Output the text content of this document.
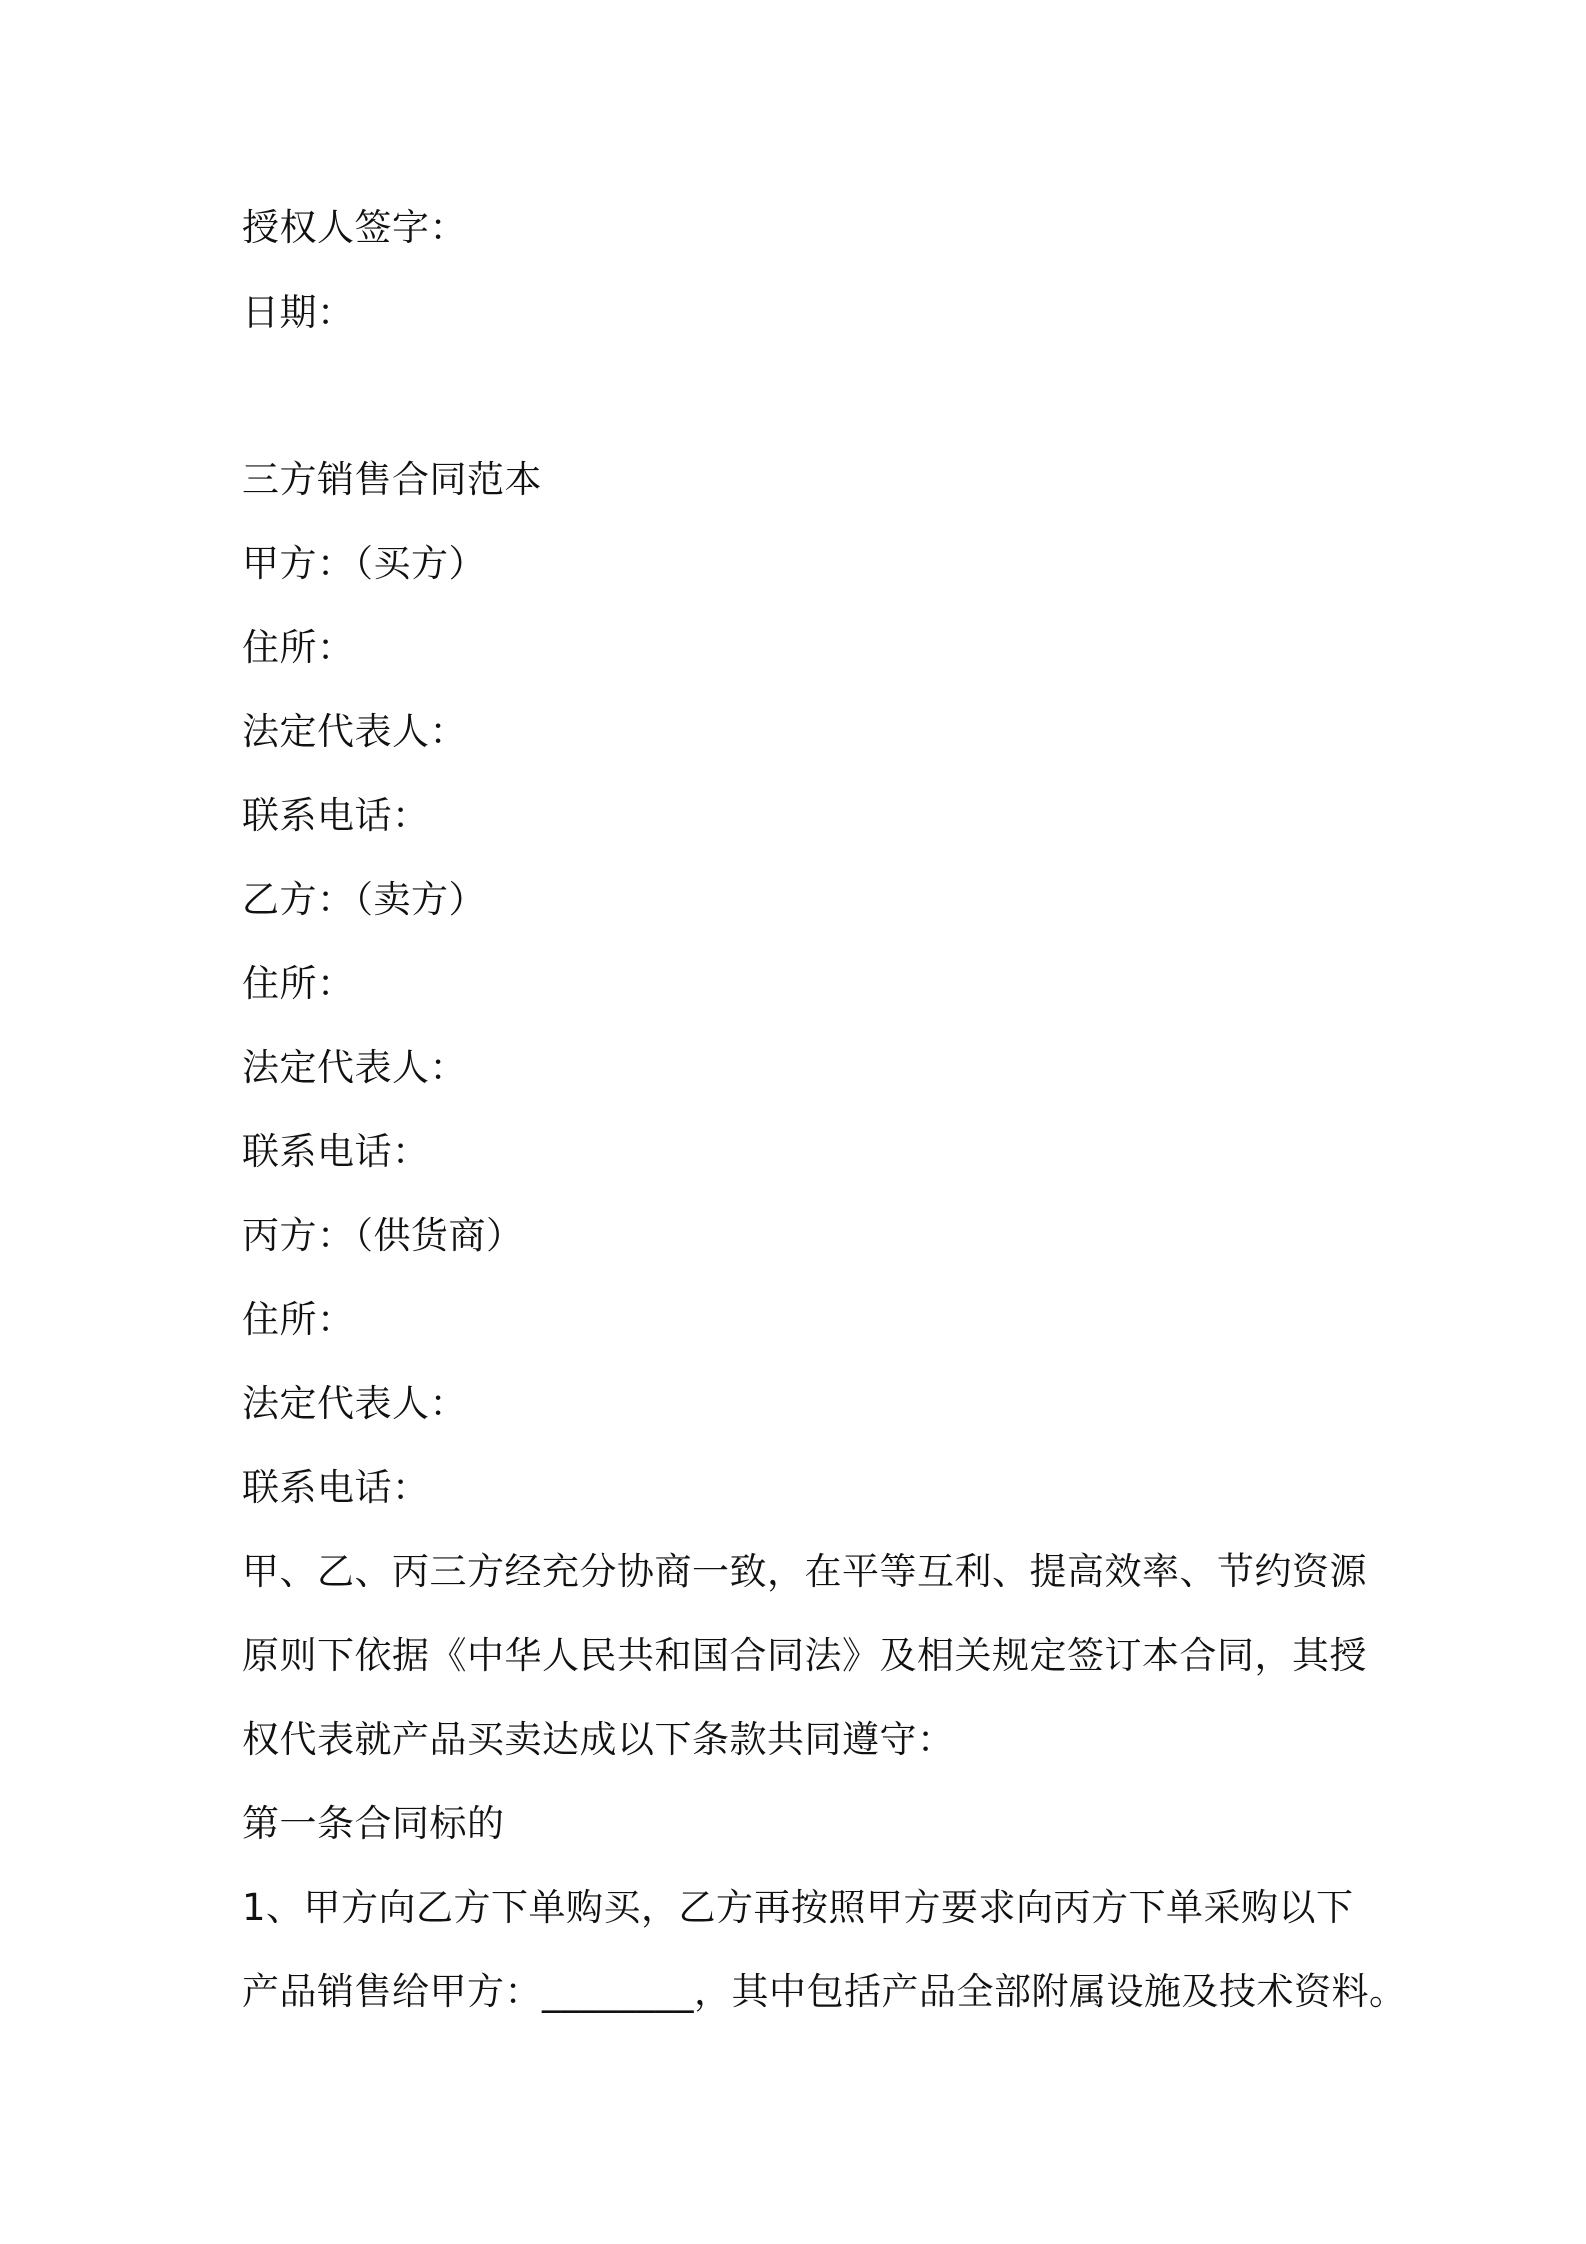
授权人签字：
日期：
三方销售合同范本
甲方：（买方）
住所：
法定代表人：
联系电话：
乙方：（卖方）
住所：
法定代表人：
联系电话：
丙方：（供货商）
住所：
法定代表人：
联系电话：
甲、乙、丙三方经充分协商一致，在平等互利、提高效率、节约资源
原则下依据《中华人民共和国合同法》及相关规定签订本合同，其授
权代表就产品买卖达成以下条款共同遵守：
第一条合同标的
1、甲方向乙方下单购买，乙方再按照甲方要求向丙方下单采购以下
产品销售给甲方：________，其中包括产品全部附属设施及技术资料。
